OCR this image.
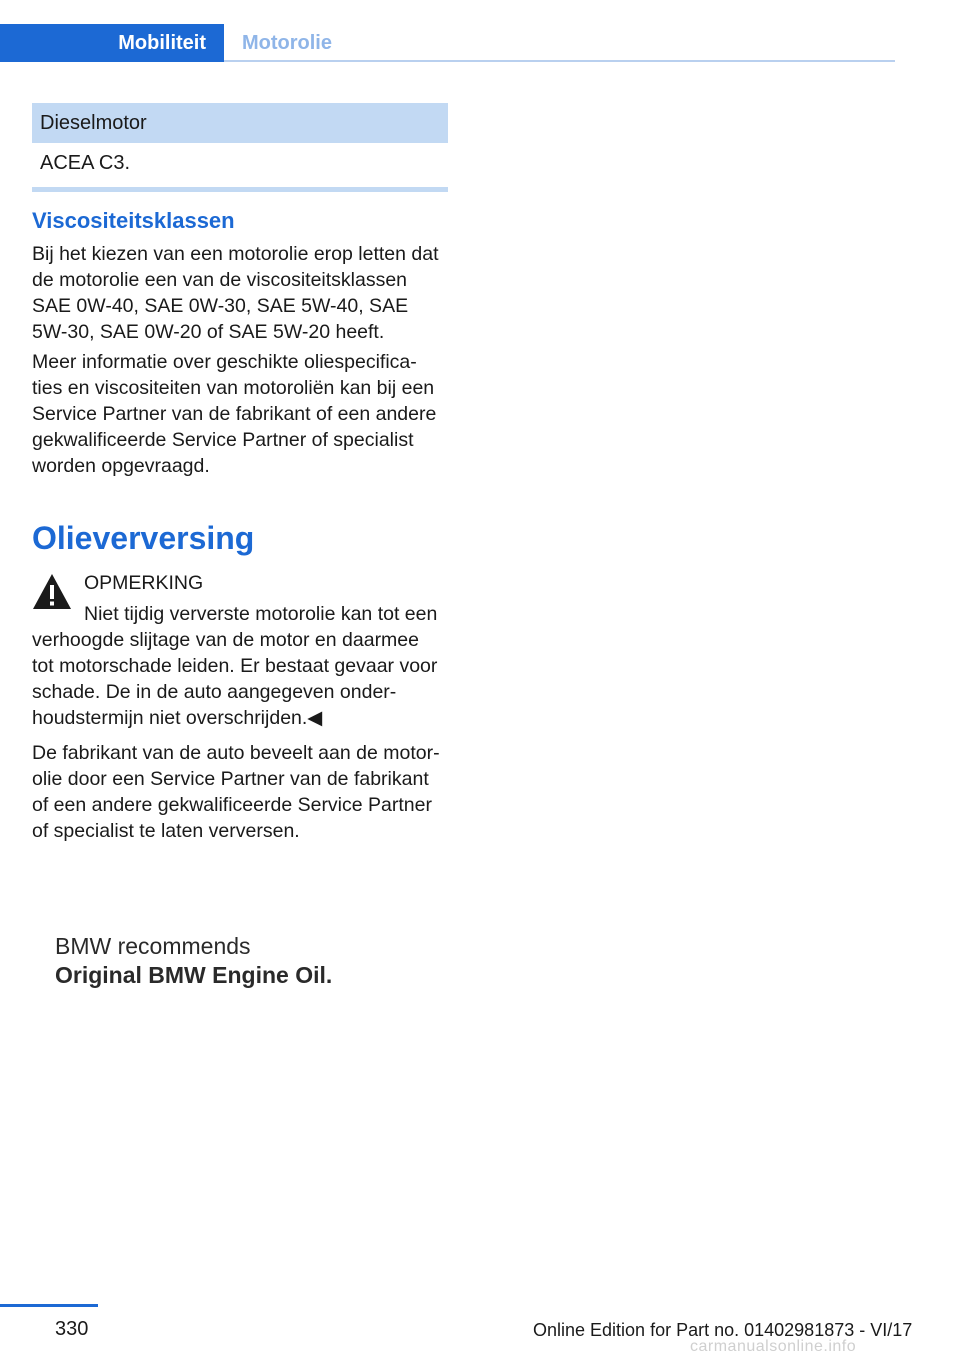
Mobiliteit	Motorolie
Dieselmotor
ACEA C3.
Viscositeitsklassen
Bij het kiezen van een motorolie erop letten dat
de motorolie een van de viscositeitsklassen
SAE 0W-40, SAE 0W-30, SAE 5W-40, SAE
5W-30, SAE 0W-20 of SAE 5W-20 heeft.
Meer informatie over geschikte oliespecifica-
ties en viscositeiten van motoroliën kan bij een
Service Partner van de fabrikant of een andere
gekwalificeerde Service Partner of specialist
worden opgevraagd.
Olieverversing
OPMERKING
Niet tijdig ververste motorolie kan tot een
verhoogde slijtage van de motor en daarmee
tot motorschade leiden. Er bestaat gevaar voor
schade. De in de auto aangegeven onder-
houdstermijn niet overschrijden.◀
De fabrikant van de auto beveelt aan de motor-
olie door een Service Partner van de fabrikant
of een andere gekwalificeerde Service Partner
of specialist te laten verversen.
BMW recommends
Original BMW Engine Oil.
330	Online Edition for Part no. 01402981873 - VI/17
carmanualsonline.info
